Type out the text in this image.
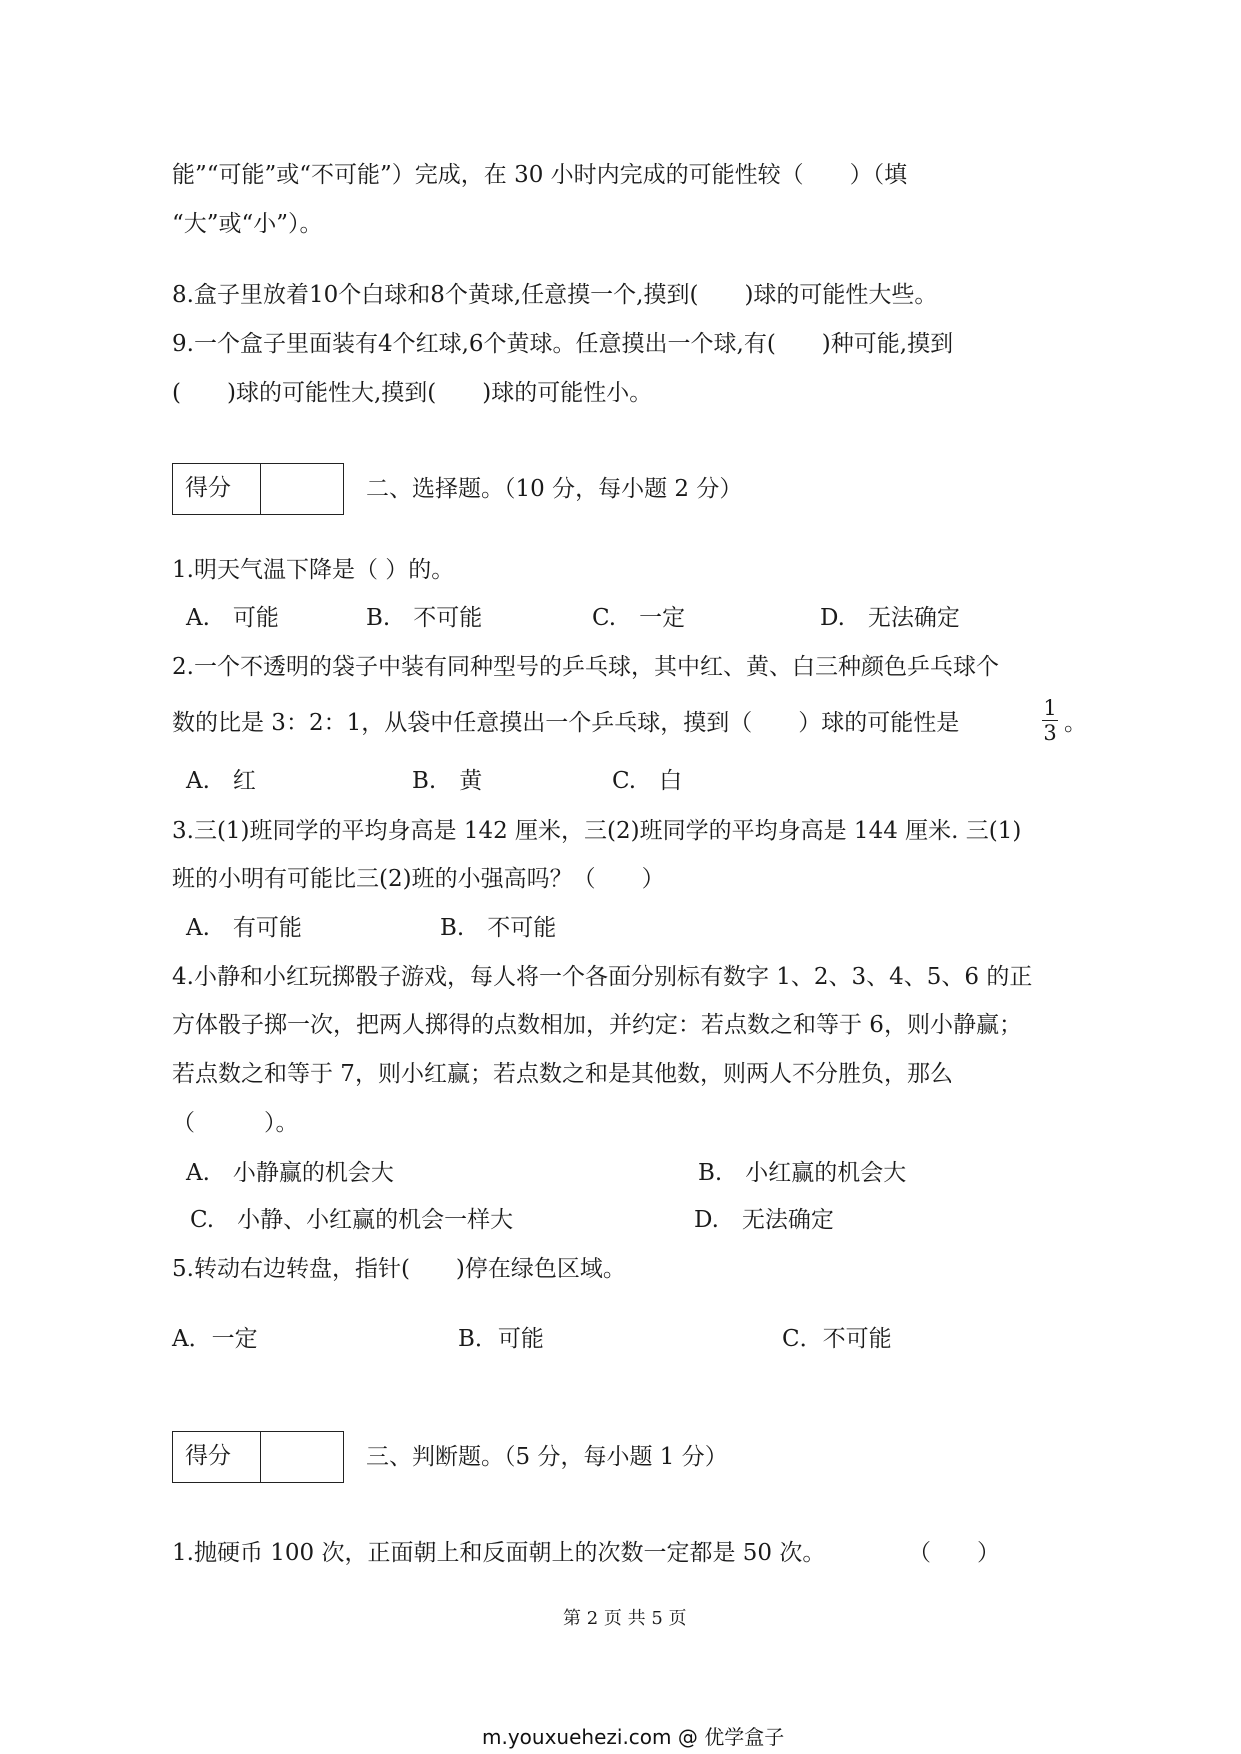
能”“可能”或“不可能”）完成，在 30 小时内完成的可能性较（　　）（填
“大”或“小”）。
8.盒子里放着10个白球和8个黄球,任意摸一个,摸到(　　)球的可能性大些。
9.一个盒子里面装有4个红球,6个黄球。任意摸出一个球,有(　　)种可能,摸到
(　　)球的可能性大,摸到(　　)球的可能性小。
得分	二、选择题。（10 分，每小题 2 分）
1.明天气温下降是（ ）的。
A.　可能	B.　不可能	C.　一定	D.　无法确定
2.一个不透明的袋子中装有同种型号的乒乓球，其中红、黄、白三种颜色乒乓球个
数的比是 3：2：1，从袋中任意摸出一个乒乓球，摸到（　　）球的可能性是
1
3 。
A.　红	B.　黄	C.　白
3.三(1)班同学的平均身高是 142 厘米，三(2)班同学的平均身高是 144 厘米. 三(1)
班的小明有可能比三(2)班的小强高吗？（　　）
A.　有可能	B.　不可能
4.小静和小红玩掷骰子游戏，每人将一个各面分别标有数字 1、2、3、4、5、6 的正
方体骰子掷一次，把两人掷得的点数相加，并约定：若点数之和等于 6，则小静赢；
若点数之和等于 7，则小红赢；若点数之和是其他数，则两人不分胜负，那么
（　　　）。
A.　小静赢的机会大	B.　小红赢的机会大
C.　小静、小红赢的机会一样大	D.　无法确定
5.转动右边转盘，指针(　　)停在绿色区域。
A．一定	B．可能	C．不可能
得分	三、判断题。（5 分，每小题 1 分）
1.抛硬币 100 次，正面朝上和反面朝上的次数一定都是 50 次。	（　　）
第 2 页 共 5 页
m.youxuehezi.com @ 优学盒子
